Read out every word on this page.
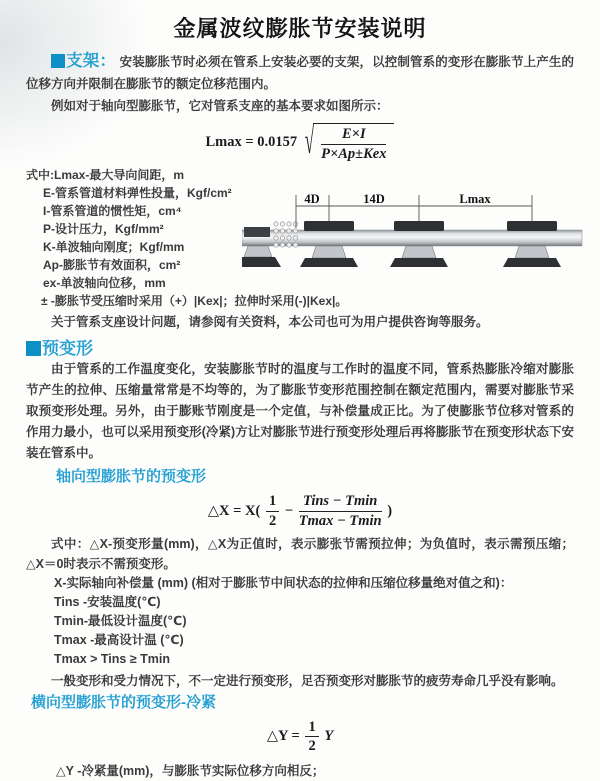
金属波纹膨胀节安装说明

支架： 安装膨胀节时必须在管系上安装必要的支架，以控制管系的变形在膨胀节上产生的位移方向并限制在膨胀节的额定位移范围内。

例如对于轴向型膨胀节，它对管系支座的基本要求如图所示：

Lmax = 0.0157 √ $\frac{E\times I}{\text{P×Ap±Kex}}$
式中:Lmax-最大导向间距，m
E-管系管道材料弹性投量，Kgf/cm²
I-管系管道的惯性矩，cm⁴
P-设计压力，Kgf/mm²
K-单波轴向刚度；Kgf/mm
Ap-膨胀节有效面积，cm²
ex-单波轴向位移，mm
± -膨胀节受压缩时采用（+）|Kex|；拉伸时采用(-)|Kex|。

关于管系支座设计问题，请参阅有关资料，本公司也可为用户提供咨询等服务。

预变形

由于管系的工作温度变化，安装膨胀节时的温度与工作时的温度不同，管系热膨胀冷缩对膨胀节产生的拉伸、压缩量常常是不均等的，为了膨胀节变形范围控制在额定范围内，需要对膨胀节采取预变形处理。另外，由于膨账节刚度是一个定值，与补偿量成正比。为了使膨胀节位移对管系的作用力最小，也可以采用预变形(冷紧)方让对膨胀节进行预变形处理后再将膨胀节在预变形状态下安装在管系中。

轴向型膨胀节的预变形
△X = $X( \frac{1}{2} - \frac{\text{Tins − Tmin}}{Tmax - Tmin}$ )

式中：△X-预变形量(mm)，△X为正值时，表示膨张节需预拉伸；为负值时，表示需预压缩；△X＝0时表示不需预变形。

X-实际轴向补偿量 (mm) (相对于膨胀节中间状态的拉伸和压缩位移量绝对值之和)：
Tins -安装温度(℃)
Tmin-最低设计温度(℃)
Tmax -最高设计温 (℃)
Tmax > Tins ≥ Tmin

一般变形和受力情况下，不一定进行预变形，足否预变形对膨胀节的疲劳寿命几乎没有影响。

横向型膨胀节的预变形-冷紧
△Y = $\frac{1}{2}$ Y

△Y -冷紧量(mm)，与膨胀节实际位移方向相反；

4D	14D	Lmax
